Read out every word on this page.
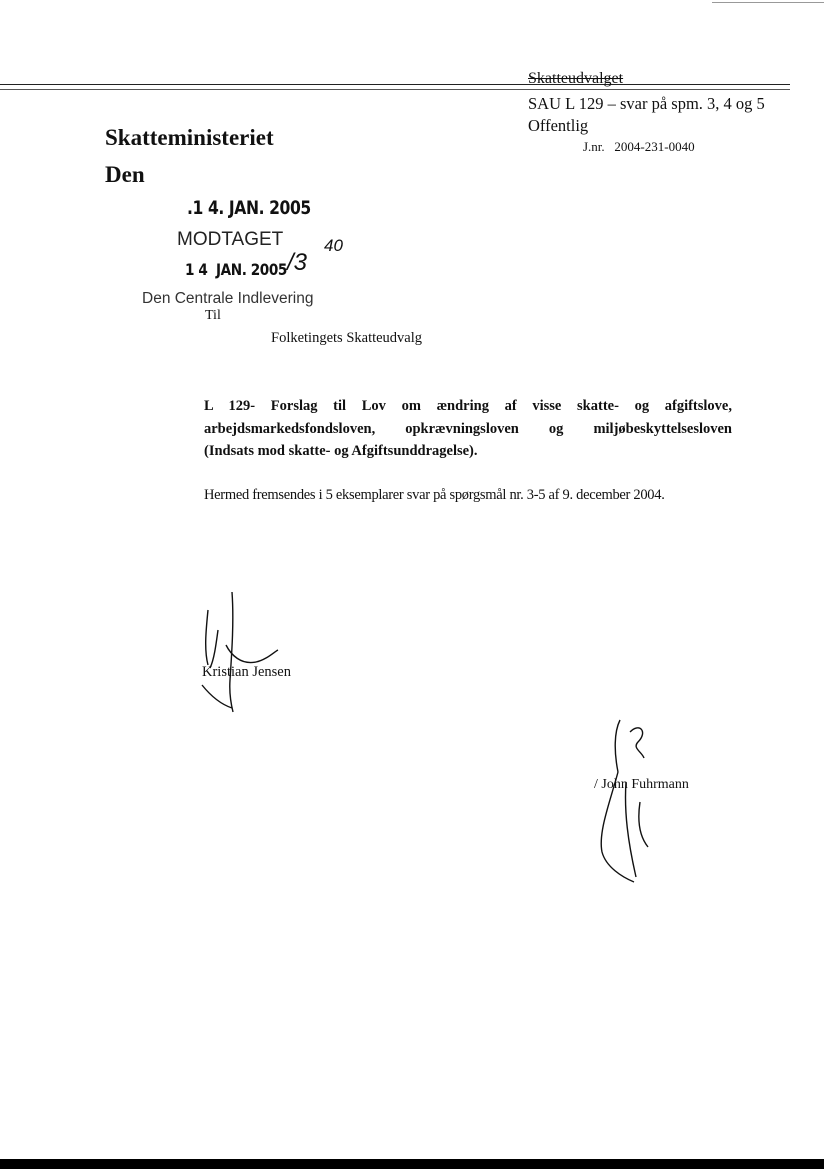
Skatteudvalget
SAU L 129 – svar på spm. 3, 4 og 5
Offentlig
J.nr.   2004-231-0040
Skatteministeriet
Den
.1 4. JAN. 2005
MODTAGET
1 4  JAN. 2005 /3
40
Den Centrale Indlevering
Til
Folketingets Skatteudvalg
L 129- Forslag til Lov om ændring af visse skatte- og afgiftslove,
arbejdsmarkedsfondsloven, opkrævningsloven og miljøbeskyttelsesloven
(Indsats mod skatte- og Afgiftsunddragelse).
Hermed fremsendes i 5 eksemplarer svar på spørgsmål nr. 3-5 af 9. december 2004.
Kristian Jensen
/ John Fuhrmann
